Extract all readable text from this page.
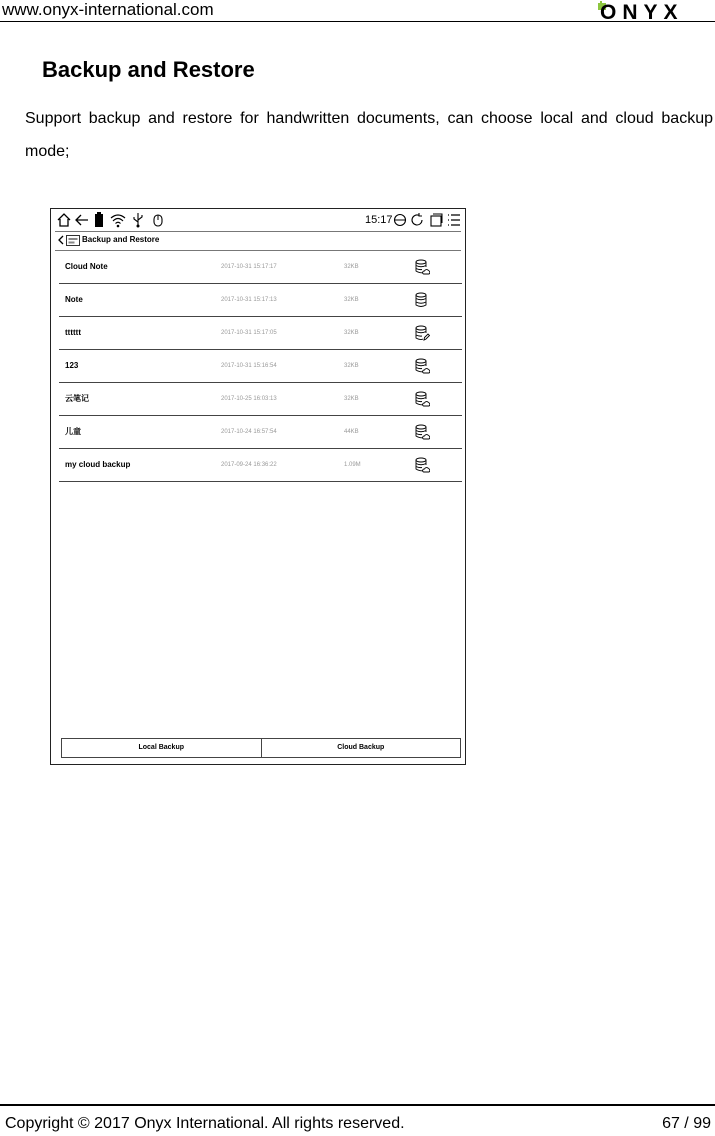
www.onyx-international.com	ONYX
Backup and Restore
Support backup and restore for handwritten documents, can choose local and cloud backup mode;
15:17
Backup and Restore
Cloud Note	2017-10-31 15:17:17	32KB
Note	2017-10-31 15:17:13	32KB
tttttt	2017-10-31 15:17:05	32KB
123	2017-10-31 15:16:54	32KB
云笔记	2017-10-25 16:03:13	32KB
儿童	2017-10-24 16:57:54	44KB
my cloud backup	2017-09-24 16:36:22	1.09M
Local Backup	Cloud Backup
Copyright © 2017 Onyx International. All rights reserved.	67 / 99
